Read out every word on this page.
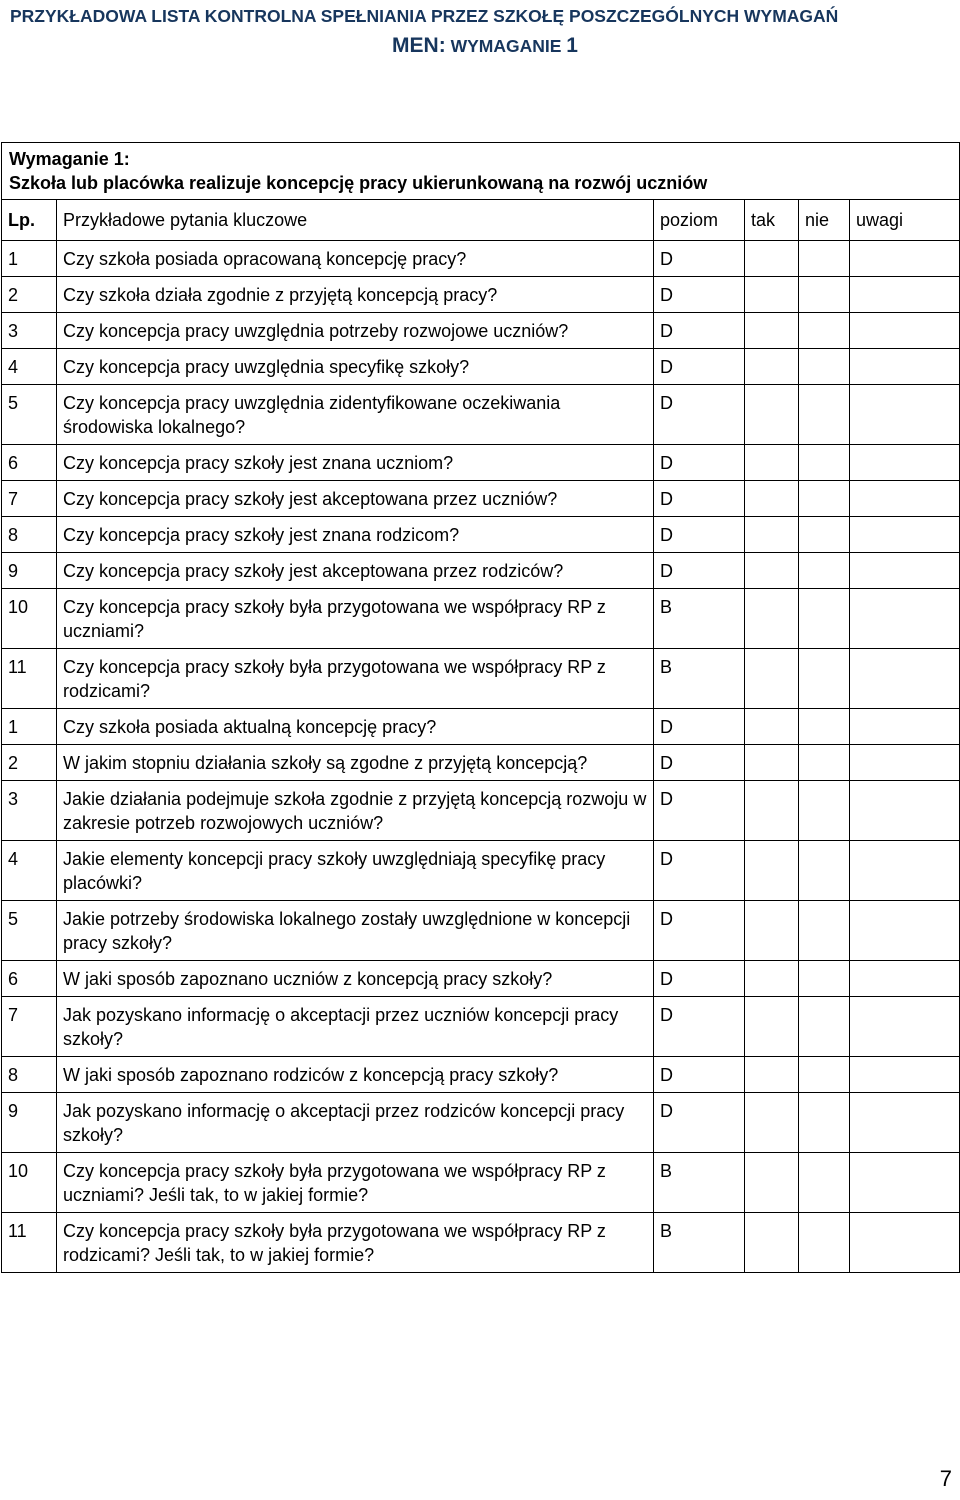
PRZYKŁADOWA LISTA KONTROLNA SPEŁNIANIA PRZEZ SZKOŁĘ POSZCZEGÓLNYCH WYMAGAŃ
MEN: WYMAGANIE 1
Wymaganie 1:
Szkoła lub placówka realizuje koncepcję pracy ukierunkowaną na rozwój uczniów					

Lp.	Przykładowe pytania kluczowe	poziom	tak	nie	uwagi
1	Czy szkoła posiada opracowaną koncepcję pracy?	D			
2	Czy szkoła działa zgodnie z przyjętą koncepcją pracy?	D			
3	Czy koncepcja pracy uwzględnia potrzeby rozwojowe uczniów?	D			
4	Czy koncepcja pracy uwzględnia specyfikę szkoły?	D			
5	Czy koncepcja pracy uwzględnia zidentyfikowane oczekiwania środowiska lokalnego?	D			
6	Czy koncepcja pracy szkoły jest znana uczniom?	D			
7	Czy koncepcja pracy szkoły jest akceptowana przez uczniów?	D			
8	Czy koncepcja pracy szkoły jest znana rodzicom?	D			
9	Czy koncepcja pracy szkoły jest akceptowana przez rodziców?	D			
10	Czy koncepcja pracy szkoły była przygotowana we współpracy RP z uczniami?	B			
11	Czy koncepcja pracy szkoły była przygotowana we współpracy RP z rodzicami?	B			
1	Czy szkoła posiada aktualną koncepcję pracy?	D			
2	W jakim stopniu działania szkoły są zgodne z przyjętą koncepcją?	D			
3	Jakie działania podejmuje szkoła zgodnie z przyjętą koncepcją rozwoju w zakresie potrzeb rozwojowych uczniów?	D			
4	Jakie elementy koncepcji pracy szkoły uwzględniają specyfikę pracy placówki?	D			
5	Jakie potrzeby środowiska lokalnego zostały uwzględnione w koncepcji pracy szkoły?	D			
6	W jaki sposób zapoznano uczniów z koncepcją pracy szkoły?	D			
7	Jak pozyskano informację o akceptacji przez uczniów koncepcji pracy szkoły?	D			
8	W jaki sposób zapoznano rodziców z koncepcją pracy szkoły?	D			
9	Jak pozyskano informację o akceptacji przez rodziców koncepcji pracy szkoły?	D			
10	Czy koncepcja pracy szkoły była przygotowana we współpracy RP z uczniami? Jeśli tak, to w jakiej formie?	B			
11	Czy koncepcja pracy szkoły była przygotowana we współpracy RP z rodzicami? Jeśli tak, to w jakiej formie?	B			
7
